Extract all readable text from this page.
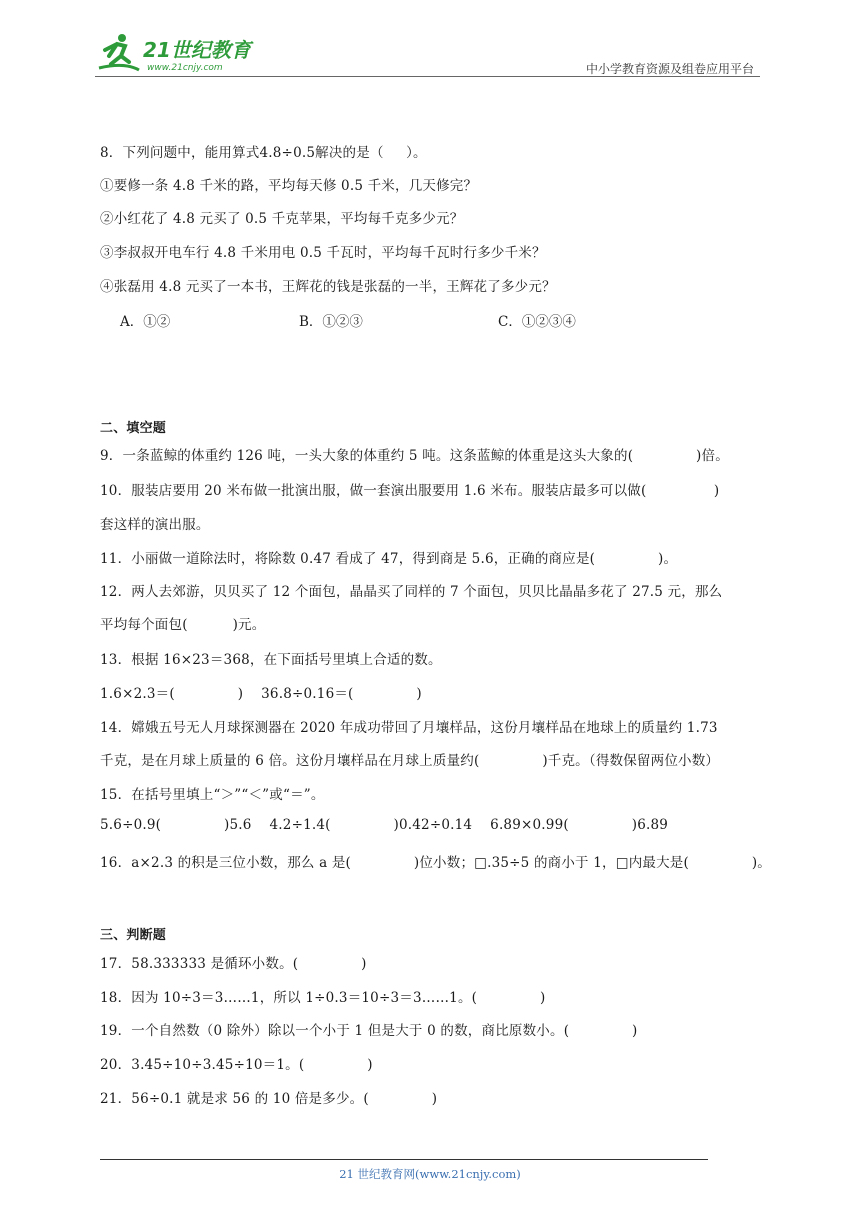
21世纪教育
www.21cnjy.com	中小学教育资源及组卷应用平台
8．下列问题中，能用算式4.8÷0.5解决的是（     ）。
①要修一条 4.8 千米的路，平均每天修 0.5 千米，几天修完？
②小红花了 4.8 元买了 0.5 千克苹果，平均每千克多少元？
③李叔叔开电车行 4.8 千米用电 0.5 千瓦时，平均每千瓦时行多少千米？
④张磊用 4.8 元买了一本书，王辉花的钱是张磊的一半，王辉花了多少元？
A．①②	B．①②③	C．①②③④
二、填空题
9．一条蓝鲸的体重约 126 吨，一头大象的体重约 5 吨。这条蓝鲸的体重是这头大象的(              )倍。
10．服装店要用 20 米布做一批演出服，做一套演出服要用 1.6 米布。服装店最多可以做(               )
套这样的演出服。
11．小丽做一道除法时，将除数 0.47 看成了 47，得到商是 5.6，正确的商应是(              )。
12．两人去郊游，贝贝买了 12 个面包，晶晶买了同样的 7 个面包，贝贝比晶晶多花了 27.5 元，那么
平均每个面包(          )元。
13．根据 16×23＝368，在下面括号里填上合适的数。
1.6×2.3＝(              )    36.8÷0.16＝(              )
14．嫦娥五号无人月球探测器在 2020 年成功带回了月壤样品，这份月壤样品在地球上的质量约 1.73
千克，是在月球上质量的 6 倍。这份月壤样品在月球上质量约(              )千克。（得数保留两位小数）
15．在括号里填上“＞”“＜”或“＝”。
5.6÷0.9(              )5.6    4.2÷1.4(              )0.42÷0.14    6.89×0.99(              )6.89
16．a×2.3 的积是三位小数，那么 a 是(              )位小数；□.35÷5 的商小于 1，□内最大是(              )。
三、判断题
17．58.333333 是循环小数。(              )
18．因为 10÷3＝3……1，所以 1÷0.3＝10÷3＝3……1。(              )
19．一个自然数（0 除外）除以一个小于 1 但是大于 0 的数，商比原数小。(              )
20．3.45÷10÷3.45÷10＝1。(              )
21．56÷0.1 就是求 56 的 10 倍是多少。(              )
21 世纪教育网(www.21cnjy.com)
